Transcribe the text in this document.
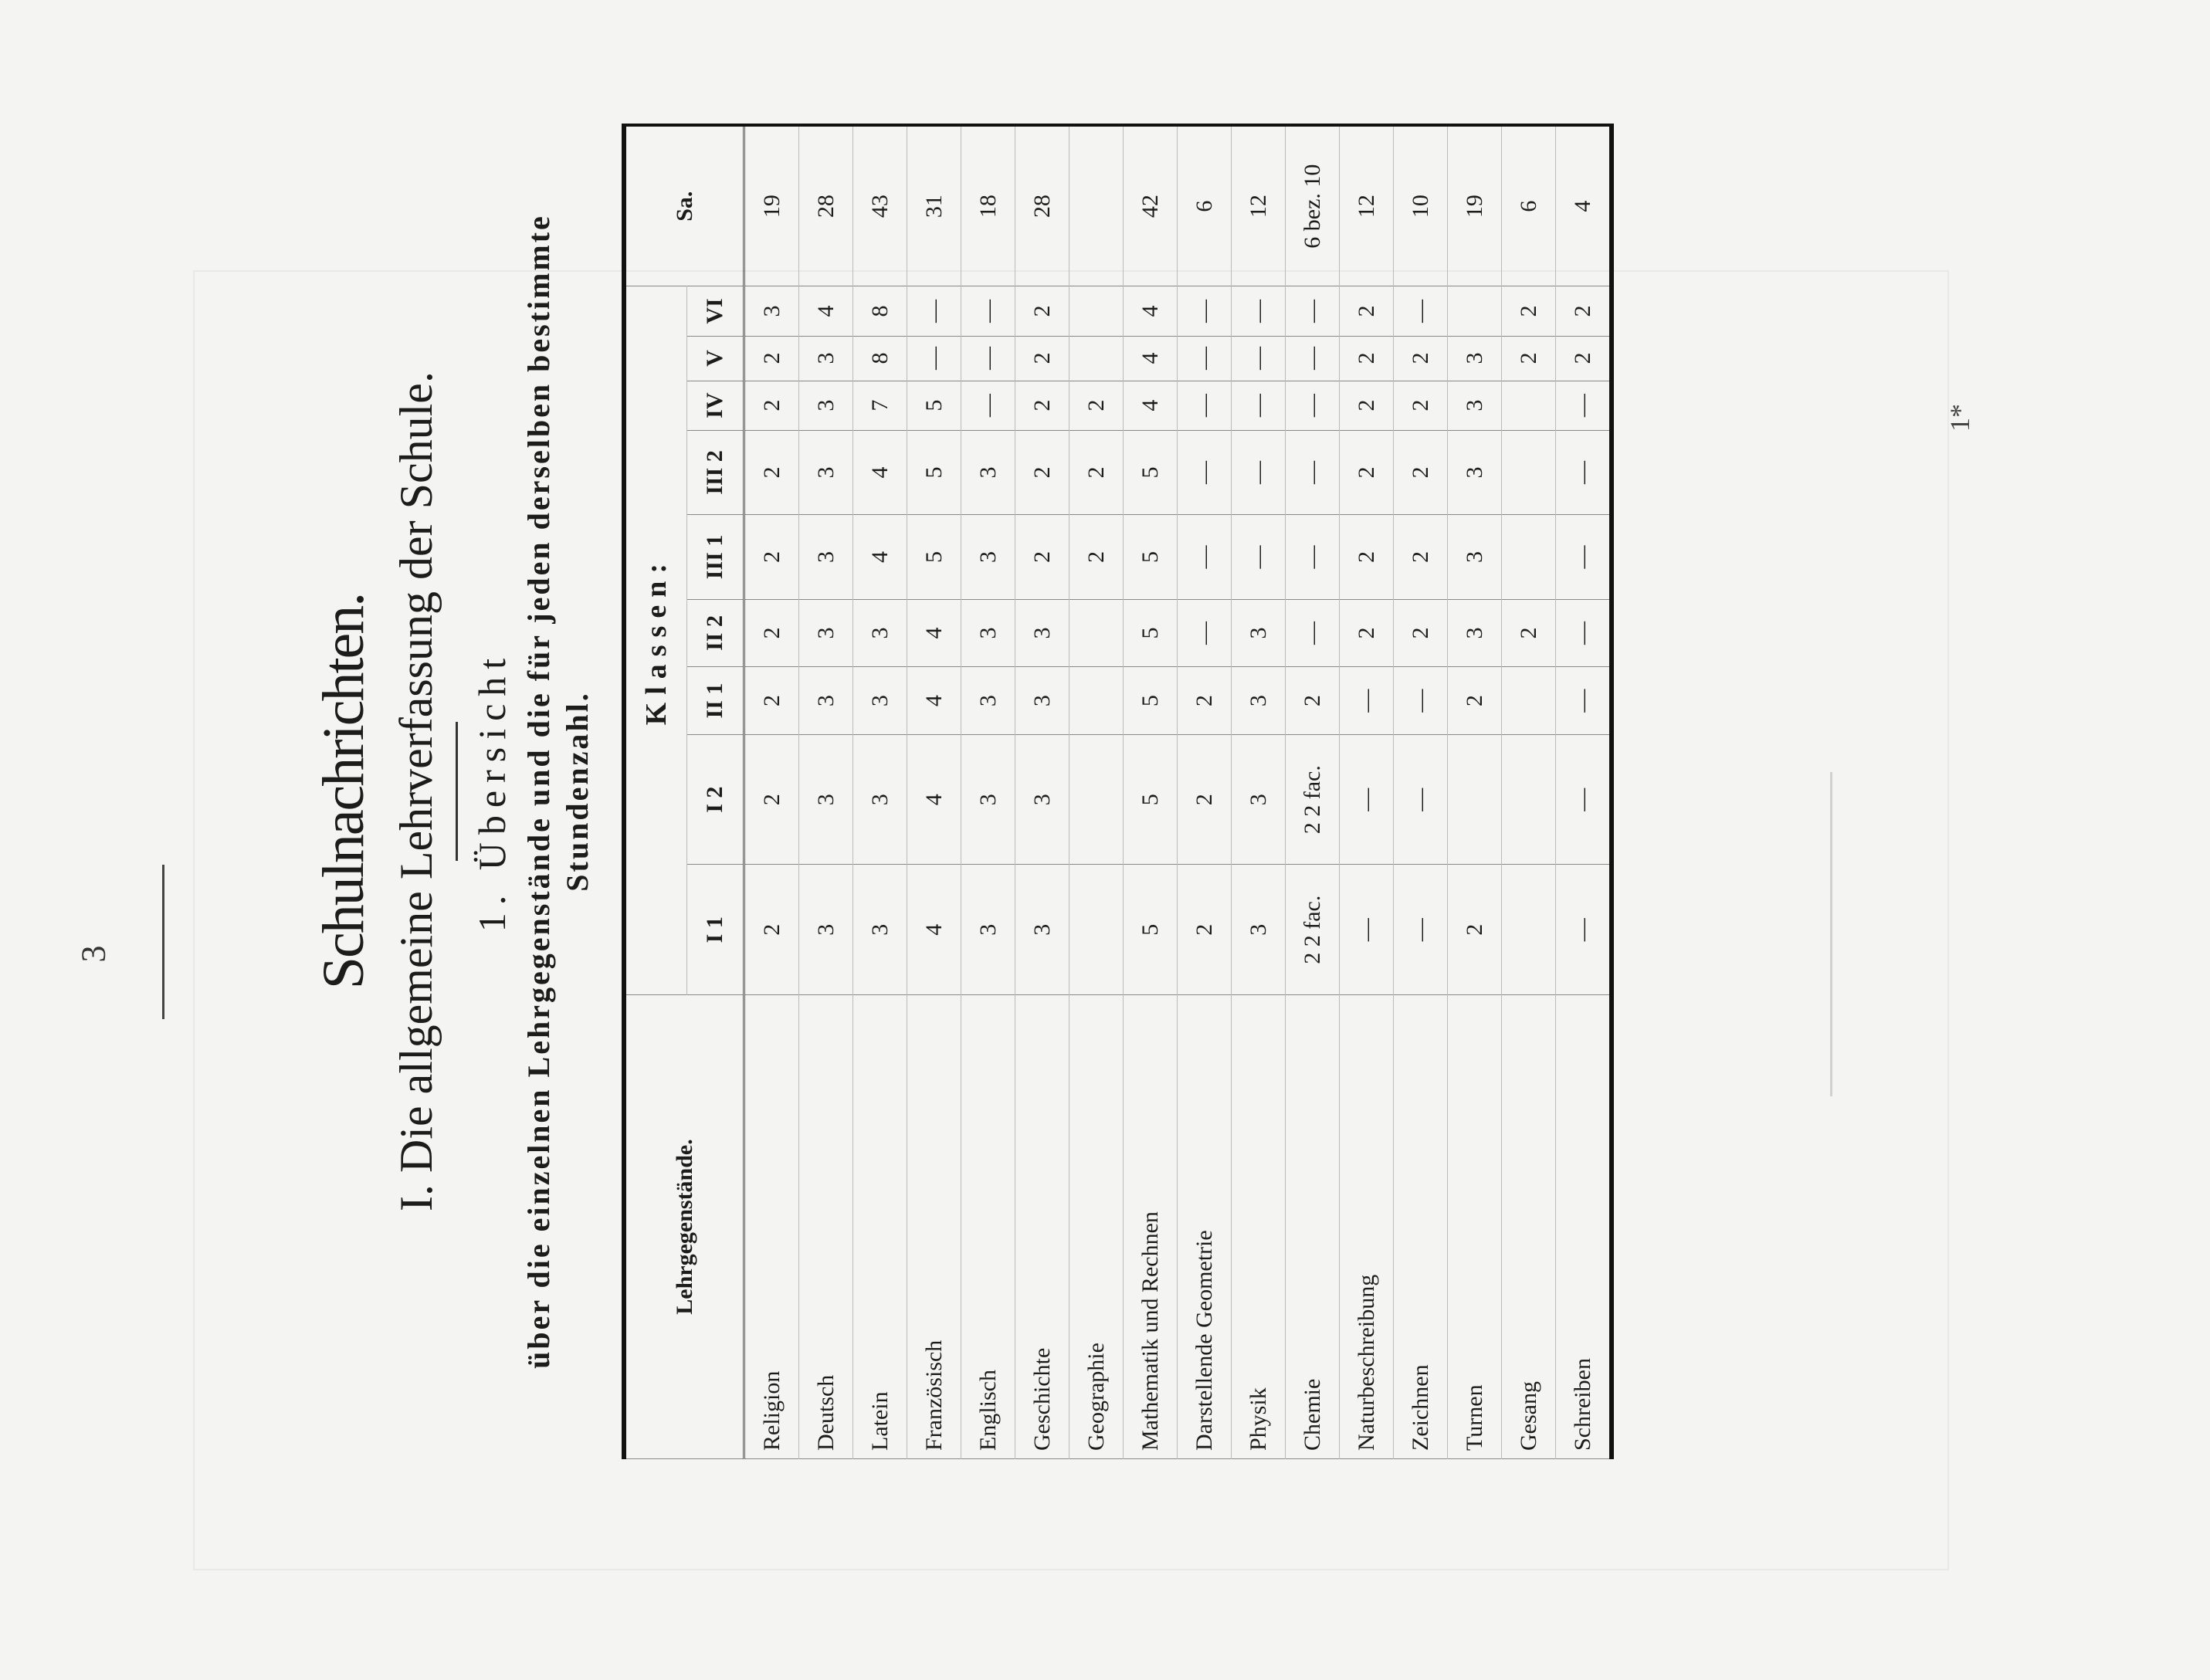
3
1*

Schulnachrichten. I. Die allgemeine Lehrverfassung der Schule. 1. Übersicht über die einzelnen Lehrgegenstände und die für jeden derselben bestimmte Stundenzahl.

Lehrgegenstände.	Klassen:									Sa.
	I 1	I 2	II 1	II 2	III 1	III 2	IV	V	VI	

Religion	2	2	2	2	2	2	2	2	3	19

Deutsch	3	3	3	3	3	3	3	3	4	28

Latein	3	3	3	3	4	4	7	8	8	43

Französisch	4	4	4	4	5	5	5	—	—	31

Englisch	3	3	3	3	3	3	—	—	—	18

Geschichte	3	3	3	3	2	2	2	2	2	28

Geographie					2	2	2			

Mathematik und Rechnen	5	5	5	5	5	5	4	4	4	42

Darstellende Geometrie	2	2	2	—	—	—	—	—	—	6

Physik	3	3	3	3	—	—	—	—	—	12

Chemie	2 2 fac.	2 2 fac.	2	—	—	—	—	—	—	6 bez. 10

Naturbeschreibung	—	—	—	2	2	2	2	2	2	12

Zeichnen	—	—	—	2	2	2	2	2	—	10

Turnen	2		2	3	3	3	3	3		19

Gesang				2				2	2	6

Schreiben	—	—	—	—	—	—	—	2	2	4
